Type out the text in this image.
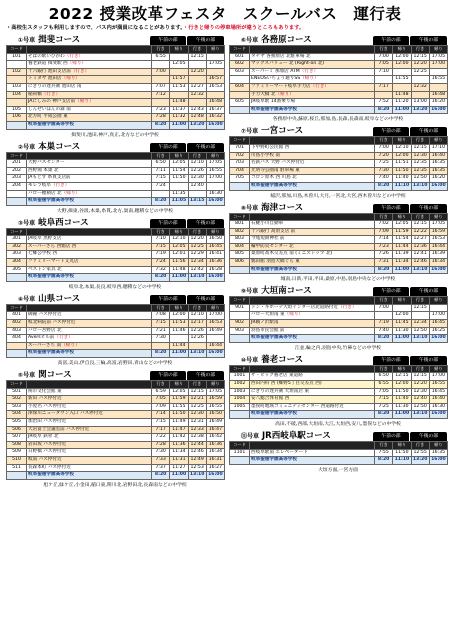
2022 授業改革フェスタ　スクールバス　運行表
・高校生スタッフも利用しますので、バス内が満員になることがあります。・行きと帰りの停車場所が違うところもあります。
①号車 揖斐コース	午前の部	午後の部
コード		行き	帰り	行き	帰り
101	そばの駅いびがわ（行き）	6:55		12:15	
	養老鉄道 揖斐駅 西（帰り）		12:05		17:05
102	十六銀行 池田支店前（行き）	7:00		12:20	
	トミダヤ 池田店（帰り）		11:57		16:57
103	にぎりの達兵衛 池田店 南	7:07	11:53	12:27	16:53
104	稲荷橋（行き）	7:12		12:32	
	JAにしみの 神戸支店前（帰り）		11:48		16:48
105	しんせいほんの森 南	7:23	11:37	12:43	16:37
106	北方町 平成公園 東	7:28	11:32	12:48	16:32
	岐阜聖徳学園高等学校	8:20	11:00	13:20	16:00
揖斐川,池田,神戸,真正,北方などの中学校
②号車 本巣コース	午前の部	午後の部
コード		行き	帰り	行き	帰り
201	大野バスセンター	6:50	12:05	12:10	17:05
202	西野簡 本巣 北	7:11	11:54	12:26	16:55
203	JAもとす 糸貫支店前	7:15	11:50	12:30	17:00
204	モレラ岐阜（行き）	7:24		12:40	
	バロー穂積店 北（帰り）		11:35		16:30
	岐阜聖徳学園高等学校	8:20	11:05	13:15	16:00
大野,揖東,谷汲,本巣,糸貫,北方,巣南,穂積などの中学校
③号車 岐阜西コース	午前の部	午後の部
コード		行き	帰り	行き	帰り
301	JA岐阜 黒野支店	7:10	12:10	12:20	16:50
302	スーパーさら 西鶉店 西	7:15	12:05	12:25	16:45
303	七郷公学校 西	7:19	12:01	12:29	16:41
304	ファミリーマート又丸店	7:24	11:56	12:34	16:36
305	ベストン家具 北	7:32	11:48	12:42	16:28
	岐阜聖徳学園高等学校	8:20	11:00	13:10	16:00
岐阜北,本巣,長良,岐阜西,穂積などの中学校
④号車 山県コース	午前の部	午後の部
コード		行き	帰り	行き	帰り
401	御鐘 バス停付近	7:08	12:00	12:10	17:00
402	岐北病院前 バス停付近	7:15	11:53	12:17	16:53
403	バロー宮野店 北	7:21	11:46	12:26	16:49
404	Aversビル前（行き）	7:30		12:26	
	スーパーさち 南（帰り）		11:44		16:44
	岐阜聖徳学園高等学校	8:20	11:00	13:10	16:00
高富,美山,伊自良,三輪,高富,岩野田,青山などの中学校
⑤号車 関コース	午前の部	午後の部
コード		行き	帰り	行き	帰り
501	関市文化会館 東	6:59	12:05	12:15	17:05
502	新田 バス停付近	7:05	11:59	12:21	16:59
503	小屋名 バス停付近	7:09	11:55	12:25	16:55
504	津保川ニュータウン入口 バス停付近	7:14	11:50	12:30	16:50
505	加治田 バス停付近	7:15	11:49	12:31	16:49
506	大岩富士会議室前 バス停付近	7:17	11:47	12:33	16:47
507	JR岐阜 鉄骨 北	7:22	11:42	12:38	16:42
508	岩田坂 バス停付近	7:28	11:36	12:44	16:36
509	日野橋 バス停付近	7:30	11:34	12:46	16:34
510	岐南 バス停付近	7:33	11:31	12:49	16:31
511	長森本町 バス停付近	7:37	11:27	12:53	16:27
	岐阜聖徳学園高等学校	8:20	11:00	13:10	16:00
旭ケ丘,緑ケ丘,小金田,稲口東,関川北,岩野田北,長森南などの中学校
⑥号車 各務原コース	午前の部	午後の部
コード		行き	帰り	行き	帰り
601	タチヤ 各務原店 北駐車場 北	7:00	12:00	12:15	17:05
602	マックスバリュー 北 (Right-on 北)	7:05	12:00	12:20	17:00
603	スーパーミ 那加店 ATM（行き）	7:10		12:25	
	ENEOSいちょう通りSS（帰り）		11:55		16:55
604	ファミリーマート岐阜手力店（行き）	7:17		12:32	
	手力大橋 北（帰り）		11:48		16:48
605	JR岐阜駅 14番乗り場	7:52	11:20	13:00	16:20
	岐阜聖徳学園高等学校	8:20	11:00	13:20	16:00
各務原中央,蘇原,桜丘,那加,島,長森,長森南,岐阜などの中学校
⑦号車 一宮コース	午前の部	午後の部
コード		行き	帰り	行き	帰り
701	下中野町公民館 西	7:00	12:10	12:15	17:10
702	川島小学校 南	7:20	12:00	12:30	16:40
703	名鉄バス 大野 バス停付近	7:25	11:51	12:35	16:35
704	光明寺公園南 駐車場 東	7:30	11:50	12:35	16:35
705	コロン原木 西 川島 北	7:40	11:40	12:50	16:20
	岐阜聖徳学園高等学校	8:20	11:10	13:10	16:00
稲沢,那加,川島,木曽川,大月,一宮北,大宮,西木曽川などの中学校
⑧号車 海津コース	午前の部	午後の部
コード		行き	帰り	行き	帰り
801	石鯉小川自動車	7:02	12:05	12:15	17:05
802	十六銀行 高須支店 前	7:09	11:59	12:22	16:59
803	今尾短期神社 前	7:14	11:54	12:27	16:53
804	輪中防災センター 北	7:23	11:44	12:36	16:44
805	桑原町高木交差点 南 (ミニストップ 北)	7:26	11:39	12:41	16:39
806	鶉田館 羽島大橋ぐら 東	7:31	11:34	12:46	16:34
	岐阜聖徳学園高等学校	8:20	11:00	13:10	16:00
城南,日新,平田,平田,桑原,中島,羽島中央などの中学校
⑨号車 大垣南コース	午前の部	午後の部
コード		行き	帰り	行き	帰り
901	ドン・キホーテ大垣インター店北道路付近（行き）	7:00		12:15	
	バロー大垣南 東（帰り）		12:00		17:00
902	JR鵜ノ沢駅南	7:19	11:45	12:34	16:45
903	羽島市民会館 前	7:40	11:30	12:50	16:25
	岐阜聖徳学園高等学校	8:20	11:00	13:10	16:00
江並,輪之内,羽島中央,竹鼻などの中学校
⑩号車 養老コース	午前の部	午後の部
コード		行き	帰り	行き	帰り
1001	ザ・ビッグ養老店 東道路	6:50	12:15	12:15	17:00
1002	西田内科 西 (郷野5丁目交差点 西)	6:55	12:00	12:20	16:55
1003	にぎりの達兵衛 大垣南店 東	7:05	11:50	12:30	16:45
1004	安八総合体育館 西	7:15	11:40	12:40	16:40
1005	墨俣町地域コミュニティセンター 西道路付近	7:25	11:30	12:50	16:30
	岐阜聖徳学園高等学校	8:20	11:00	13:10	16:00
高田,不破,西部,大垣南,大江,大垣西,安八,墨俣などの中学校
⑪号車 JR西岐阜駅コース	午前の部	午後の部
コード		行き	帰り	行き	帰り
1101	西岐阜駅南 エレベーター下	7:55	11:50	12:55	16:35
	岐阜聖徳学園高等学校	8:20	11:10	13:20	16:00
大垣方面,一宮方面
